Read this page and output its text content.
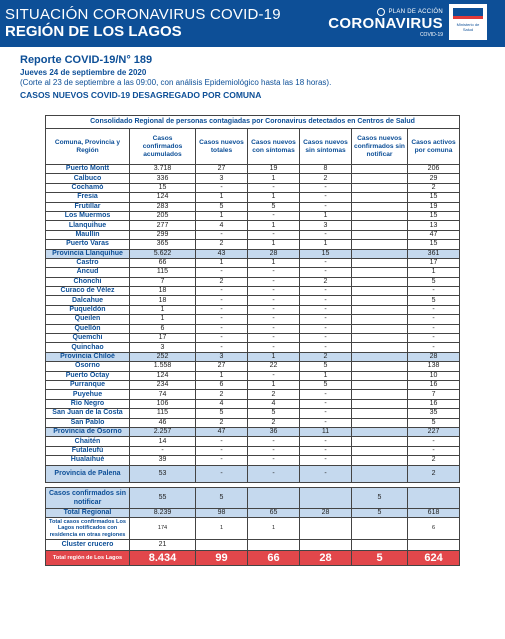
SITUACIÓN CORONAVIRUS COVID-19
REGIÓN DE LOS LAGOS
PLAN DE ACCIÓN
CORONAVIRUS
COVID-19
Ministerio de Salud
Reporte COVID-19/N° 189
Jueves 24 de septiembre de 2020
(Corte al 23 de septiembre a las 09:00, con análisis Epidemiológico hasta las 18 horas).
CASOS NUEVOS COVID-19 DESAGREGADO POR COMUNA
Consolidado Regional de personas contagiadas por Coronavirus detectados en Centros de Salud						
Comuna, Provincia y Región	Casos confirmados acumulados	Casos nuevos totales	Casos nuevos con síntomas	Casos nuevos sin síntomas	Casos nuevos confirmados sin notificar	Casos activos por comuna
Puerto Montt	3.718	27	19	8		206
Calbuco	336	3	1	2		29
Cochamó	15	-	-	-		2
Fresia	124	1	1	-		15
Frutillar	283	5	5	-		19
Los Muermos	205	1	-	1		15
Llanquihue	277	4	1	3		13
Maullín	299	-	-	-		47
Puerto Varas	365	2	1	1		15
Provincia Llanquihue	5.622	43	28	15		361
Castro	66	1	1	-		17
Ancud	115	-	-	-		1
Chonchi	7	2	-	2		5
Curaco de Vélez	18	-	-	-		-
Dalcahue	18	-	-	-		5
Puqueldón	1	-	-	-		-
Queilen	1	-	-	-		-
Quellón	6	-	-	-		-
Quemchi	17	-	-	-		-
Quinchao	3	-	-	-		-
Provincia Chiloé	252	3	1	2		28
Osorno	1.558	27	22	5		138
Puerto Octay	124	1	-	1		10
Purranque	234	6	1	5		16
Puyehue	74	2	2	-		7
Río Negro	106	4	4	-		16
San Juan de la Costa	115	5	5	-		35
San Pablo	46	2	2	-		5
Provincia de Osorno	2.257	47	36	11		227
Chaitén	14	-	-	-		-
Futaleufú	-	-	-	-		-
Hualaihué	39	-	-	-		2
Provincia de Palena	53	-	-	-		2

Casos confirmados sin notificar	55	5			5	
Total Regional	8.239	98	65	28	5	618
Total casos confirmados Los Lagos notificados con residencia en otras regiones	174	1	1			6
Cluster crucero	21					
Total región de Los Lagos	8.434	99	66	28	5	624
